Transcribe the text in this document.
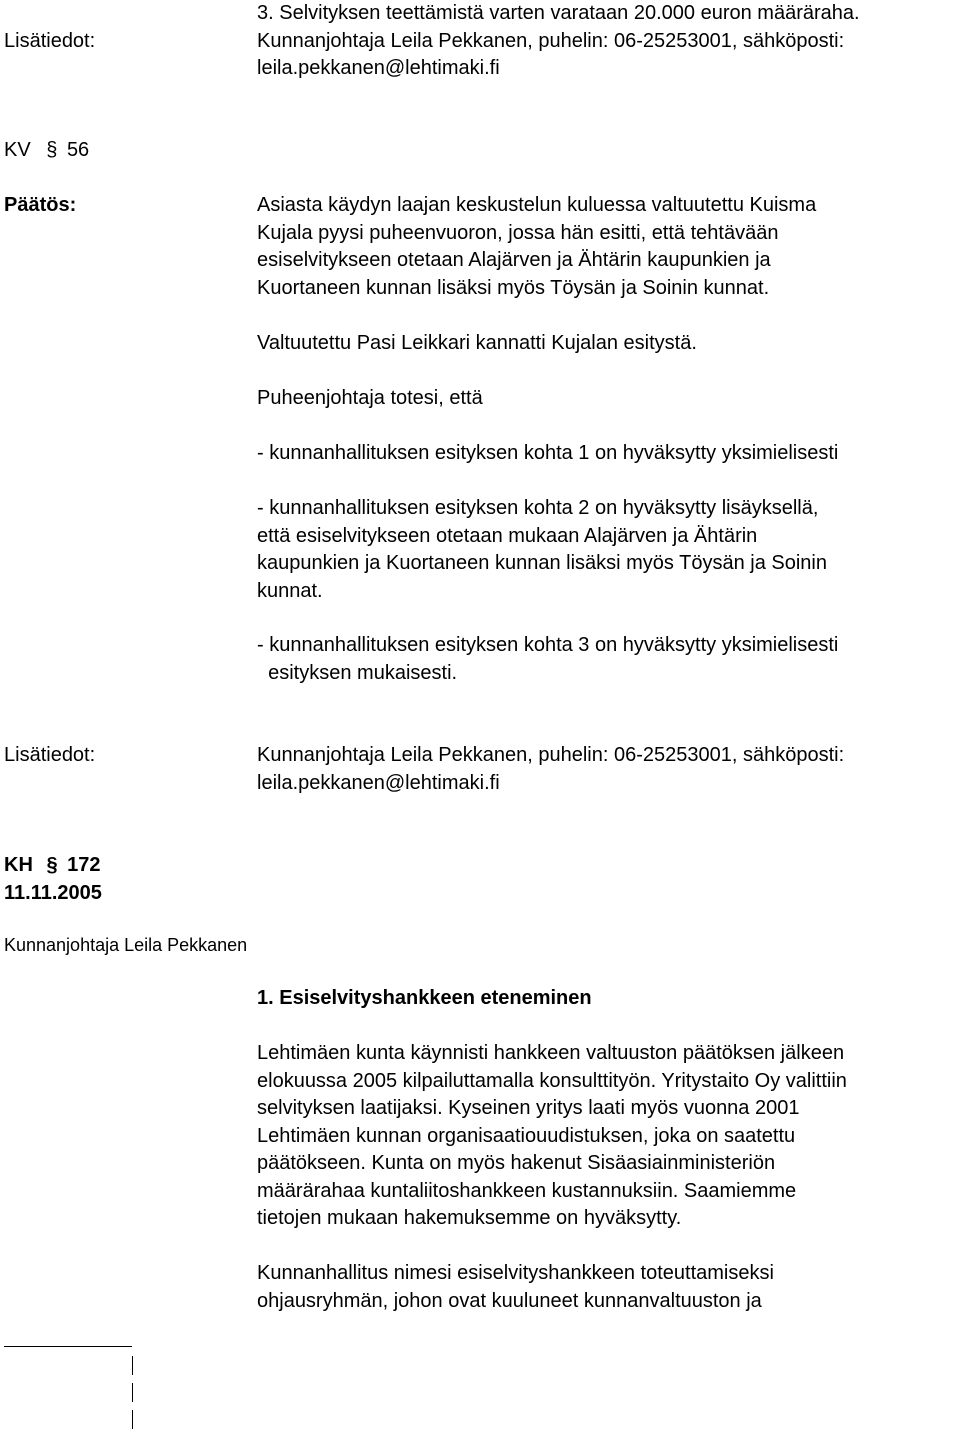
3. Selvityksen teettämistä varten varataan 20.000 euron määräraha.
Lisätiedot:	Kunnanjohtaja Leila Pekkanen, puhelin: 06-25253001, sähköposti:
leila.pekkanen@lehtimaki.fi
KV § 56
Päätös:	Asiasta käydyn laajan keskustelun kuluessa valtuutettu Kuisma

Kujala pyysi puheenvuoron, jossa hän esitti, että tehtävään

esiselvitykseen otetaan Alajärven ja Ähtärin kaupunkien ja

Kuortaneen kunnan lisäksi myös Töysän ja Soinin kunnat.

Valtuutettu Pasi Leikkari kannatti Kujalan esitystä.
Puheenjohtaja totesi, että
- kunnanhallituksen esityksen kohta 1 on hyväksytty yksimielisesti

- kunnanhallituksen esityksen kohta 2 on hyväksytty lisäyksellä,

että esiselvitykseen otetaan mukaan Alajärven ja Ähtärin

kaupunkien ja Kuortaneen kunnan lisäksi myös Töysän ja Soinin

kunnat.

- kunnanhallituksen esityksen kohta 3 on hyväksytty yksimielisesti

esityksen mukaisesti.

Lisätiedot:	Kunnanjohtaja Leila Pekkanen, puhelin: 06-25253001, sähköposti:
leila.pekkanen@lehtimaki.fi
KH § 172
11.11.2005
Kunnanjohtaja Leila Pekkanen
1. Esiselvityshankkeen eteneminen

Lehtimäen kunta käynnisti hankkeen valtuuston päätöksen jälkeen

elokuussa 2005 kilpailuttamalla konsulttityön. Yritystaito Oy valittiin

selvityksen laatijaksi. Kyseinen yritys laati myös vuonna 2001

Lehtimäen kunnan organisaatiouudistuksen, joka on saatettu

päätökseen. Kunta on myös hakenut Sisäasiainministeriön

määrärahaa kuntaliitoshankkeen kustannuksiin. Saamiemme

tietojen mukaan hakemuksemme on hyväksytty.

Kunnanhallitus nimesi esiselvityshankkeen toteuttamiseksi

ohjausryhmän, johon ovat kuuluneet kunnanvaltuuston ja
